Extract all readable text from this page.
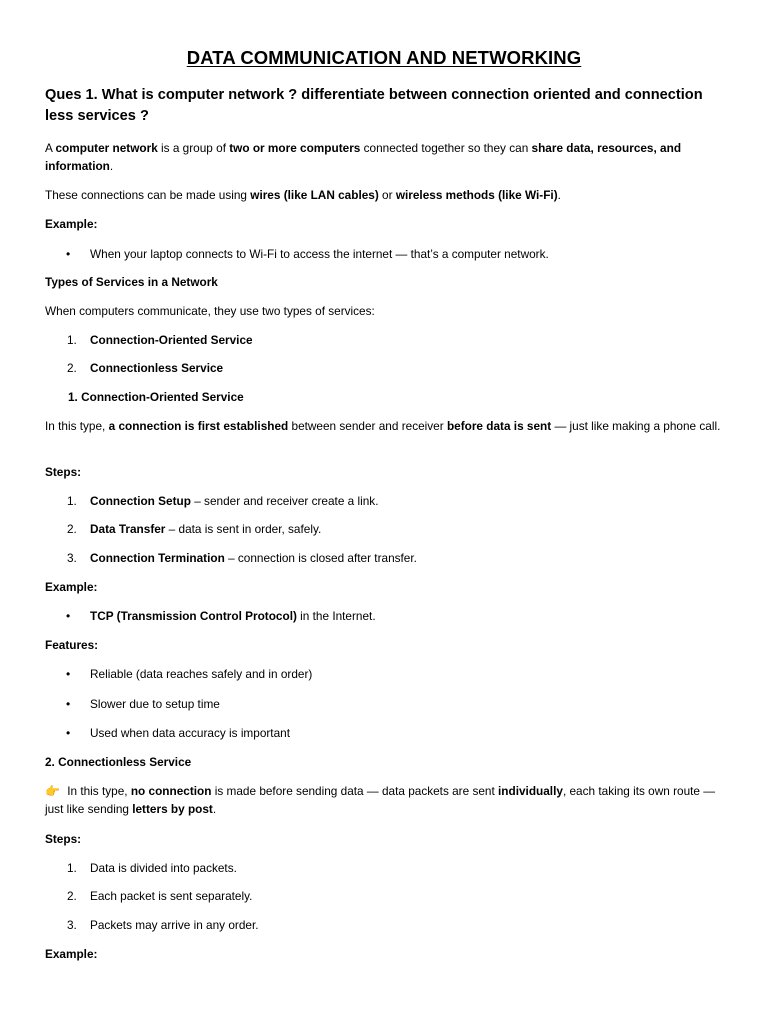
DATA COMMUNICATION AND NETWORKING
Ques 1. What is computer network ? differentiate between connection oriented and connection less services ?
A computer network is a group of two or more computers connected together so they can share data, resources, and information.
These connections can be made using wires (like LAN cables) or wireless methods (like Wi-Fi).
Example:
•	When your laptop connects to Wi-Fi to access the internet — that’s a computer network.
Types of Services in a Network
When computers communicate, they use two types of services:
1.	Connection-Oriented Service
2.	Connectionless Service
1. Connection-Oriented Service
In this type, a connection is first established between sender and receiver before data is sent — just like making a phone call.
Steps:
1.	Connection Setup – sender and receiver create a link.
2.	Data Transfer – data is sent in order, safely.
3.	Connection Termination – connection is closed after transfer.
Example:
•	TCP (Transmission Control Protocol) in the Internet.
Features:
•	Reliable (data reaches safely and in order)
•	Slower due to setup time
•	Used when data accuracy is important
2. Connectionless Service
👉 In this type, no connection is made before sending data — data packets are sent individually, each taking its own route — just like sending letters by post.
Steps:
1.	Data is divided into packets.
2.	Each packet is sent separately.
3.	Packets may arrive in any order.
Example:
